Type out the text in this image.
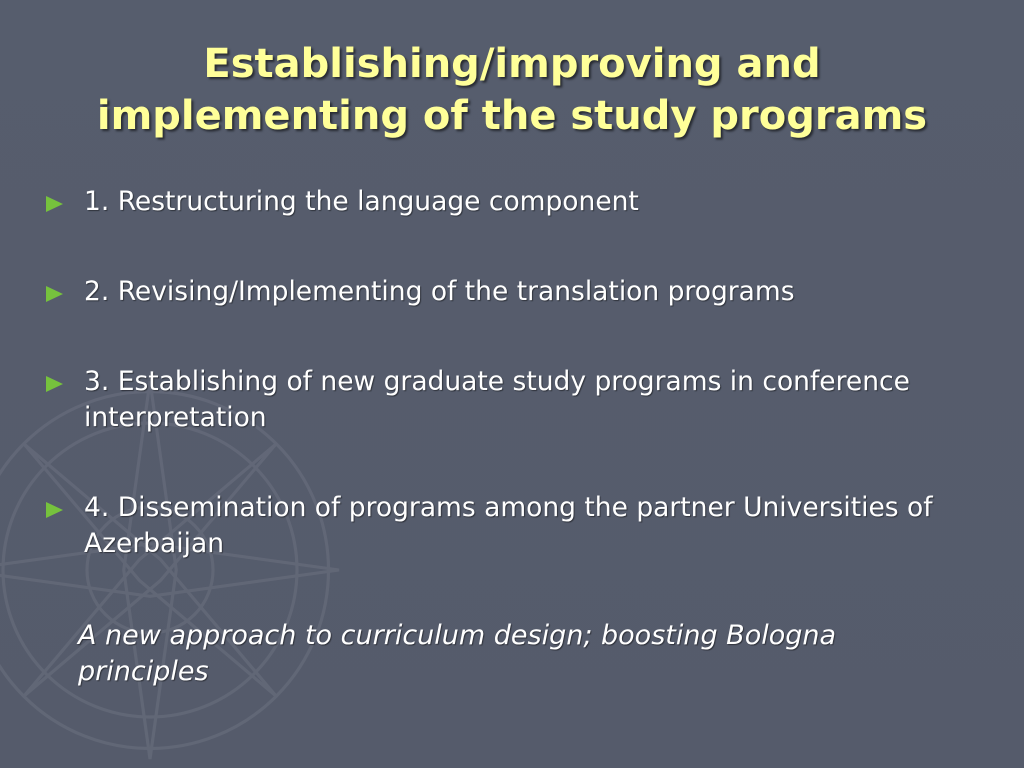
Establishing/improving and
implementing of the study programs
1. Restructuring the language component
2. Revising/Implementing of the translation programs
3. Establishing of new graduate study programs in conference interpretation
4. Dissemination of programs among the partner Universities of Azerbaijan
A new approach to curriculum design; boosting Bologna principles
